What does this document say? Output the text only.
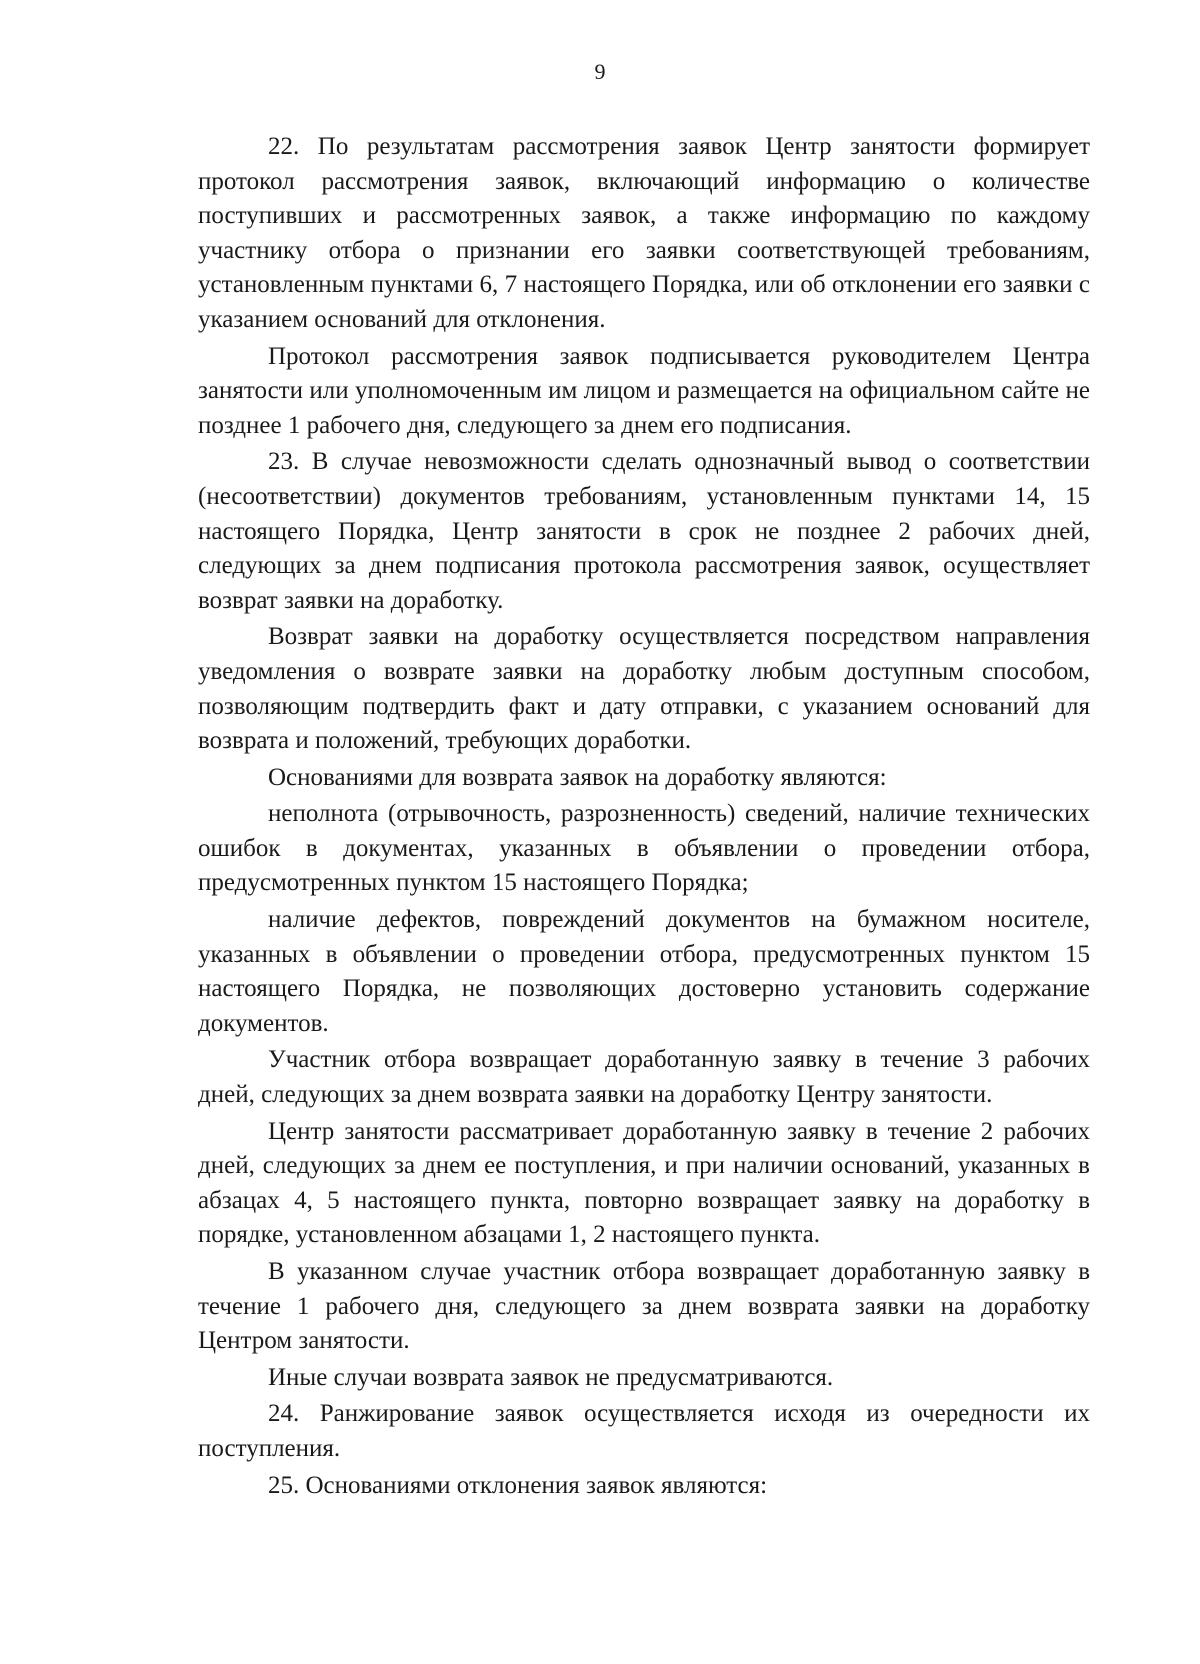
9

22. По результатам рассмотрения заявок Центр занятости формирует протокол рассмотрения заявок, включающий информацию о количестве поступивших и рассмотренных заявок, а также информацию по каждому участнику отбора о признании его заявки соответствующей требованиям, установленным пунктами 6, 7 настоящего Порядка, или об отклонении его заявки с указанием оснований для отклонения.

Протокол рассмотрения заявок подписывается руководителем Центра занятости или уполномоченным им лицом и размещается на официальном сайте не позднее 1 рабочего дня, следующего за днем его подписания.

23. В случае невозможности сделать однозначный вывод о соответствии (несоответствии) документов требованиям, установленным пунктами 14, 15 настоящего Порядка, Центр занятости в срок не позднее 2 рабочих дней, следующих за днем подписания протокола рассмотрения заявок, осуществляет возврат заявки на доработку.

Возврат заявки на доработку осуществляется посредством направления уведомления о возврате заявки на доработку любым доступным способом, позволяющим подтвердить факт и дату отправки, с указанием оснований для возврата и положений, требующих доработки.

Основаниями для возврата заявок на доработку являются:

неполнота (отрывочность, разрозненность) сведений, наличие технических ошибок в документах, указанных в объявлении о проведении отбора, предусмотренных пунктом 15 настоящего Порядка;

наличие дефектов, повреждений документов на бумажном носителе, указанных в объявлении о проведении отбора, предусмотренных пунктом 15 настоящего Порядка, не позволяющих достоверно установить содержание документов.

Участник отбора возвращает доработанную заявку в течение 3 рабочих дней, следующих за днем возврата заявки на доработку Центру занятости.

Центр занятости рассматривает доработанную заявку в течение 2 рабочих дней, следующих за днем ее поступления, и при наличии оснований, указанных в абзацах 4, 5 настоящего пункта, повторно возвращает заявку на доработку в порядке, установленном абзацами 1, 2 настоящего пункта.

В указанном случае участник отбора возвращает доработанную заявку в течение 1 рабочего дня, следующего за днем возврата заявки на доработку Центром занятости.

Иные случаи возврата заявок не предусматриваются.

24. Ранжирование заявок осуществляется исходя из очередности их поступления.

25. Основаниями отклонения заявок являются:
